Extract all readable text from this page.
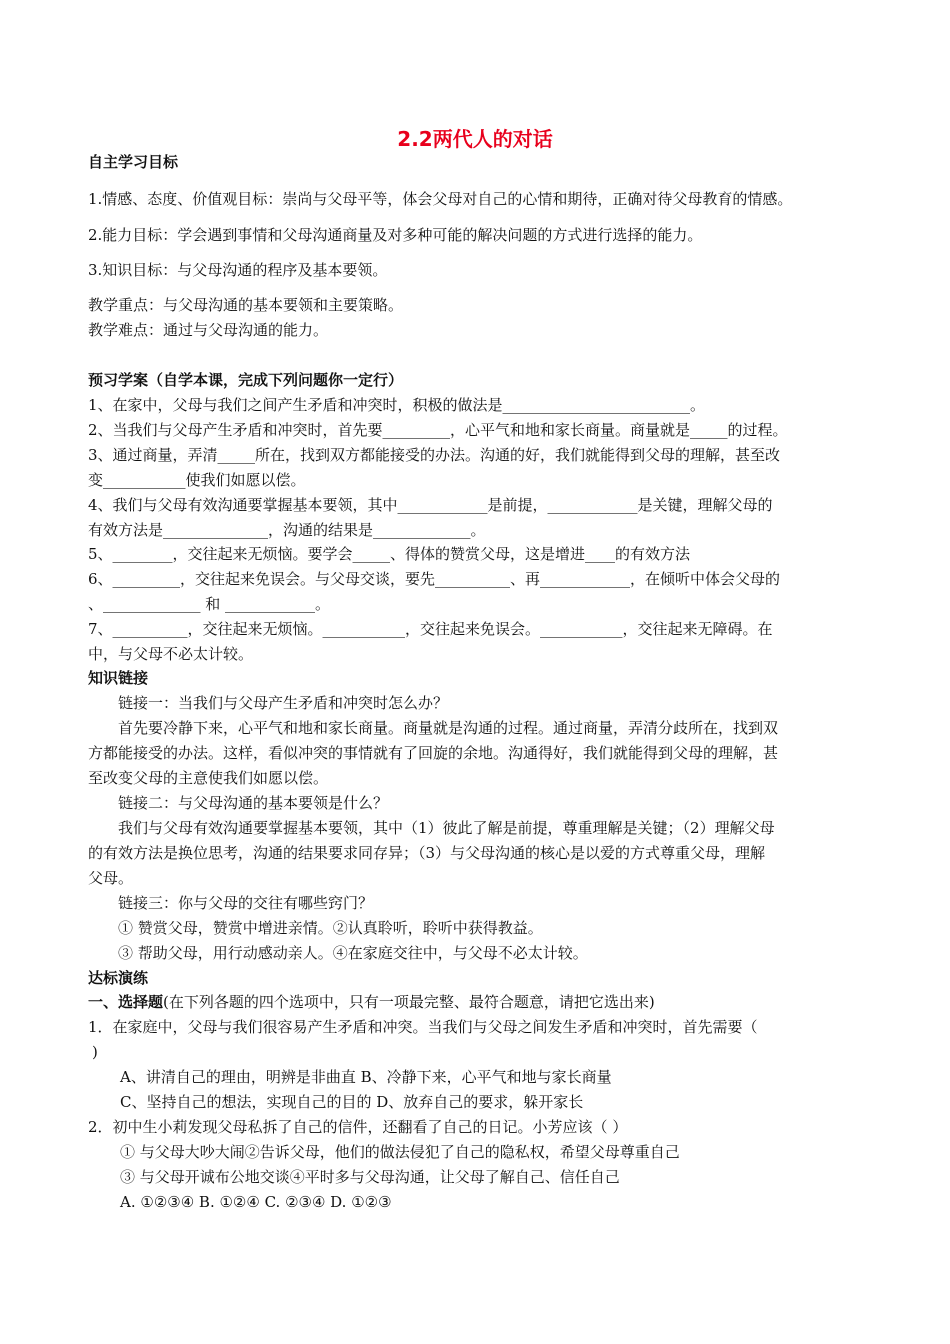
2.2两代人的对话
自主学习目标
1.情感、态度、价值观目标：崇尚与父母平等，体会父母对自己的心情和期待，正确对待父母教育的情感。
2.能力目标：学会遇到事情和父母沟通商量及对多种可能的解决问题的方式进行选择的能力。
3.知识目标：与父母沟通的程序及基本要领。
教学重点：与父母沟通的基本要领和主要策略。
教学难点：通过与父母沟通的能力。
预习学案（自学本课，完成下列问题你一定行）
1、在家中，父母与我们之间产生矛盾和冲突时，积极的做法是_________________________。
2、当我们与父母产生矛盾和冲突时，首先要_________，心平气和地和家长商量。商量就是_____的过程。
3、通过商量，弄清_____所在，找到双方都能接受的办法。沟通的好，我们就能得到父母的理解，甚至改
变___________使我们如愿以偿。
4、我们与父母有效沟通要掌握基本要领，其中____________是前提，____________是关键，理解父母的
有效方法是______________，沟通的结果是_____________。
5、________，交往起来无烦恼。要学会_____、得体的赞赏父母，这是增进____的有效方法
6、_________，交往起来免误会。与父母交谈，要先__________、再____________，在倾听中体会父母的
、_____________ 和 ____________。
7、__________，交往起来无烦恼。___________，交往起来免误会。___________，交往起来无障碍。在
中，与父母不必太计较。
知识链接
链接一：当我们与父母产生矛盾和冲突时怎么办？
首先要冷静下来，心平气和地和家长商量。商量就是沟通的过程。通过商量，弄清分歧所在，找到双
方都能接受的办法。这样，看似冲突的事情就有了回旋的余地。沟通得好，我们就能得到父母的理解，甚
至改变父母的主意使我们如愿以偿。
链接二：与父母沟通的基本要领是什么？
我们与父母有效沟通要掌握基本要领，其中（1）彼此了解是前提，尊重理解是关键；（2）理解父母
的有效方法是换位思考，沟通的结果要求同存异；（3）与父母沟通的核心是以爱的方式尊重父母，理解
父母。
链接三：你与父母的交往有哪些窍门？
① 赞赏父母，赞赏中增进亲情。②认真聆听，聆听中获得教益。
③ 帮助父母，用行动感动亲人。④在家庭交往中，与父母不必太计较。
达标演练
一、选择题(在下列各题的四个选项中，只有一项最完整、最符合题意，请把它选出来)
1．在家庭中，父母与我们很容易产生矛盾和冲突。当我们与父母之间发生矛盾和冲突时，首先需要（
)
A、讲清自己的理由，明辨是非曲直 B、冷静下来，心平气和地与家长商量
C、坚持自己的想法，实现自己的目的 D、放弃自己的要求，躲开家长
2．初中生小莉发现父母私拆了自己的信件，还翻看了自己的日记。小芳应该（ ）
① 与父母大吵大闹②告诉父母，他们的做法侵犯了自己的隐私权，希望父母尊重自己
③ 与父母开诚布公地交谈④平时多与父母沟通，让父母了解自己、信任自己
A. ①②③④ B. ①②④ C. ②③④ D. ①②③
